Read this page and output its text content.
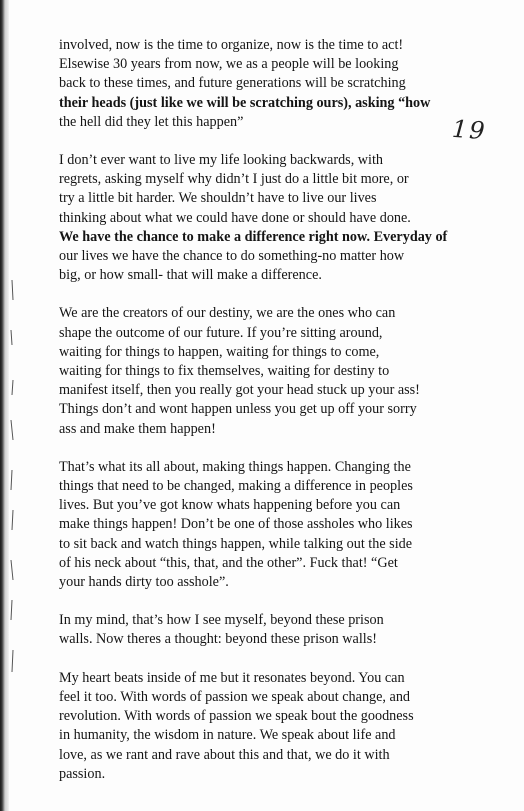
19

involved, now is the time to organize, now is the time to act!
Elsewise 30 years from now, we as a people will be looking
back to these times, and future generations will be scratching
their heads (just like we will be scratching ours), asking “how
the hell did they let this happen”

I don’t ever want to live my life looking backwards, with
regrets, asking myself why didn’t I just do a little bit more, or
try a little bit harder. We shouldn’t have to live our lives
thinking about what we could have done or should have done.
We have the chance to make a difference right now. Everyday of
our lives we have the chance to do something-no matter how
big, or how small- that will make a difference.

We are the creators of our destiny, we are the ones who can
shape the outcome of our future. If you’re sitting around,
waiting for things to happen, waiting for things to come,
waiting for things to fix themselves, waiting for destiny to
manifest itself, then you really got your head stuck up your ass!
Things don’t and wont happen unless you get up off your sorry
ass and make them happen!

That’s what its all about, making things happen. Changing the
things that need to be changed, making a difference in peoples
lives. But you’ve got know whats happening before you can
make things happen! Don’t be one of those assholes who likes
to sit back and watch things happen, while talking out the side
of his neck about “this, that, and the other”. Fuck that! “Get
your hands dirty too asshole”.

In my mind, that’s how I see myself, beyond these prison
walls. Now theres a thought: beyond these prison walls!

My heart beats inside of me but it resonates beyond. You can
feel it too. With words of passion we speak about change, and
revolution. With words of passion we speak bout the goodness
in humanity, the wisdom in nature. We speak about life and
love, as we rant and rave about this and that, we do it with
passion.
